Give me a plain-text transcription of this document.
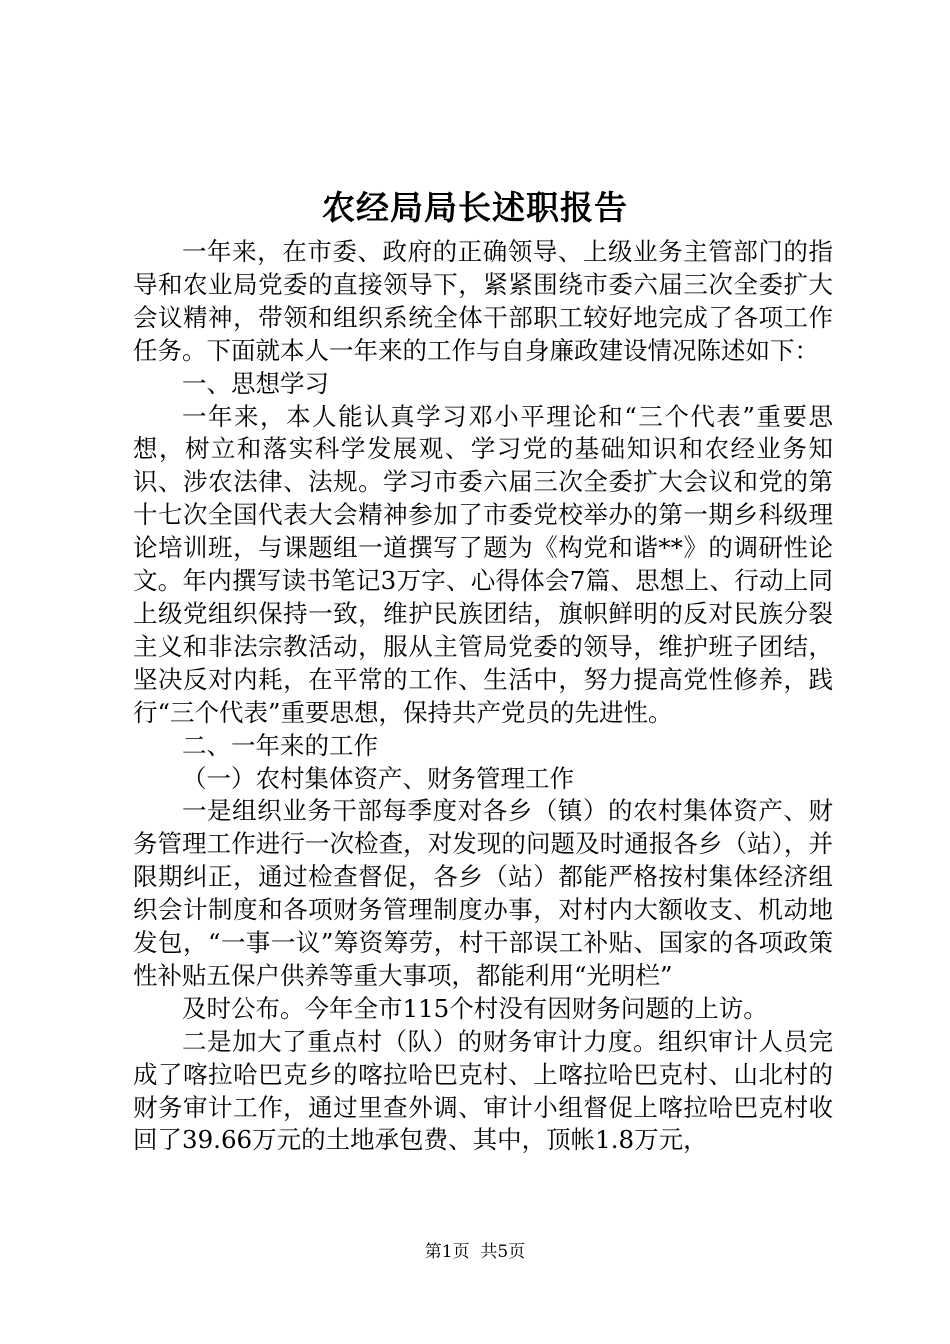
农经局局长述职报告

一年来，在市委、政府的正确领导、上级业务主管部门的指导和农业局党委的直接领导下，紧紧围绕市委六届三次全委扩大会议精神，带领和组织系统全体干部职工较好地完成了各项工作任务。下面就本人一年来的工作与自身廉政建设情况陈述如下：

一、思想学习

一年来，本人能认真学习邓小平理论和“三个代表”重要思想，树立和落实科学发展观、学习党的基础知识和农经业务知识、涉农法律、法规。学习市委六届三次全委扩大会议和党的第十七次全国代表大会精神参加了市委党校举办的第一期乡科级理论培训班，与课题组一道撰写了题为《构党和谐**》的调研性论文。年内撰写读书笔记3万字、心得体会7篇、思想上、行动上同上级党组织保持一致，维护民族团结，旗帜鲜明的反对民族分裂主义和非法宗教活动，服从主管局党委的领导，维护班子团结，坚决反对内耗，在平常的工作、生活中，努力提高党性修养，践行“三个代表”重要思想，保持共产党员的先进性。

二、一年来的工作

（一）农村集体资产、财务管理工作

一是组织业务干部每季度对各乡（镇）的农村集体资产、财务管理工作进行一次检查，对发现的问题及时通报各乡（站），并限期纠正，通过检查督促，各乡（站）都能严格按村集体经济组织会计制度和各项财务管理制度办事，对村内大额收支、机动地发包，“一事一议”筹资筹劳，村干部误工补贴、国家的各项政策性补贴五保户供养等重大事项，都能利用“光明栏”

及时公布。今年全市115个村没有因财务问题的上访。

二是加大了重点村（队）的财务审计力度。组织审计人员完成了喀拉哈巴克乡的喀拉哈巴克村、上喀拉哈巴克村、山北村的财务审计工作，通过里查外调、审计小组督促上喀拉哈巴克村收回了39.66万元的土地承包费、其中，顶帐1.8万元，

第1页  共5页
